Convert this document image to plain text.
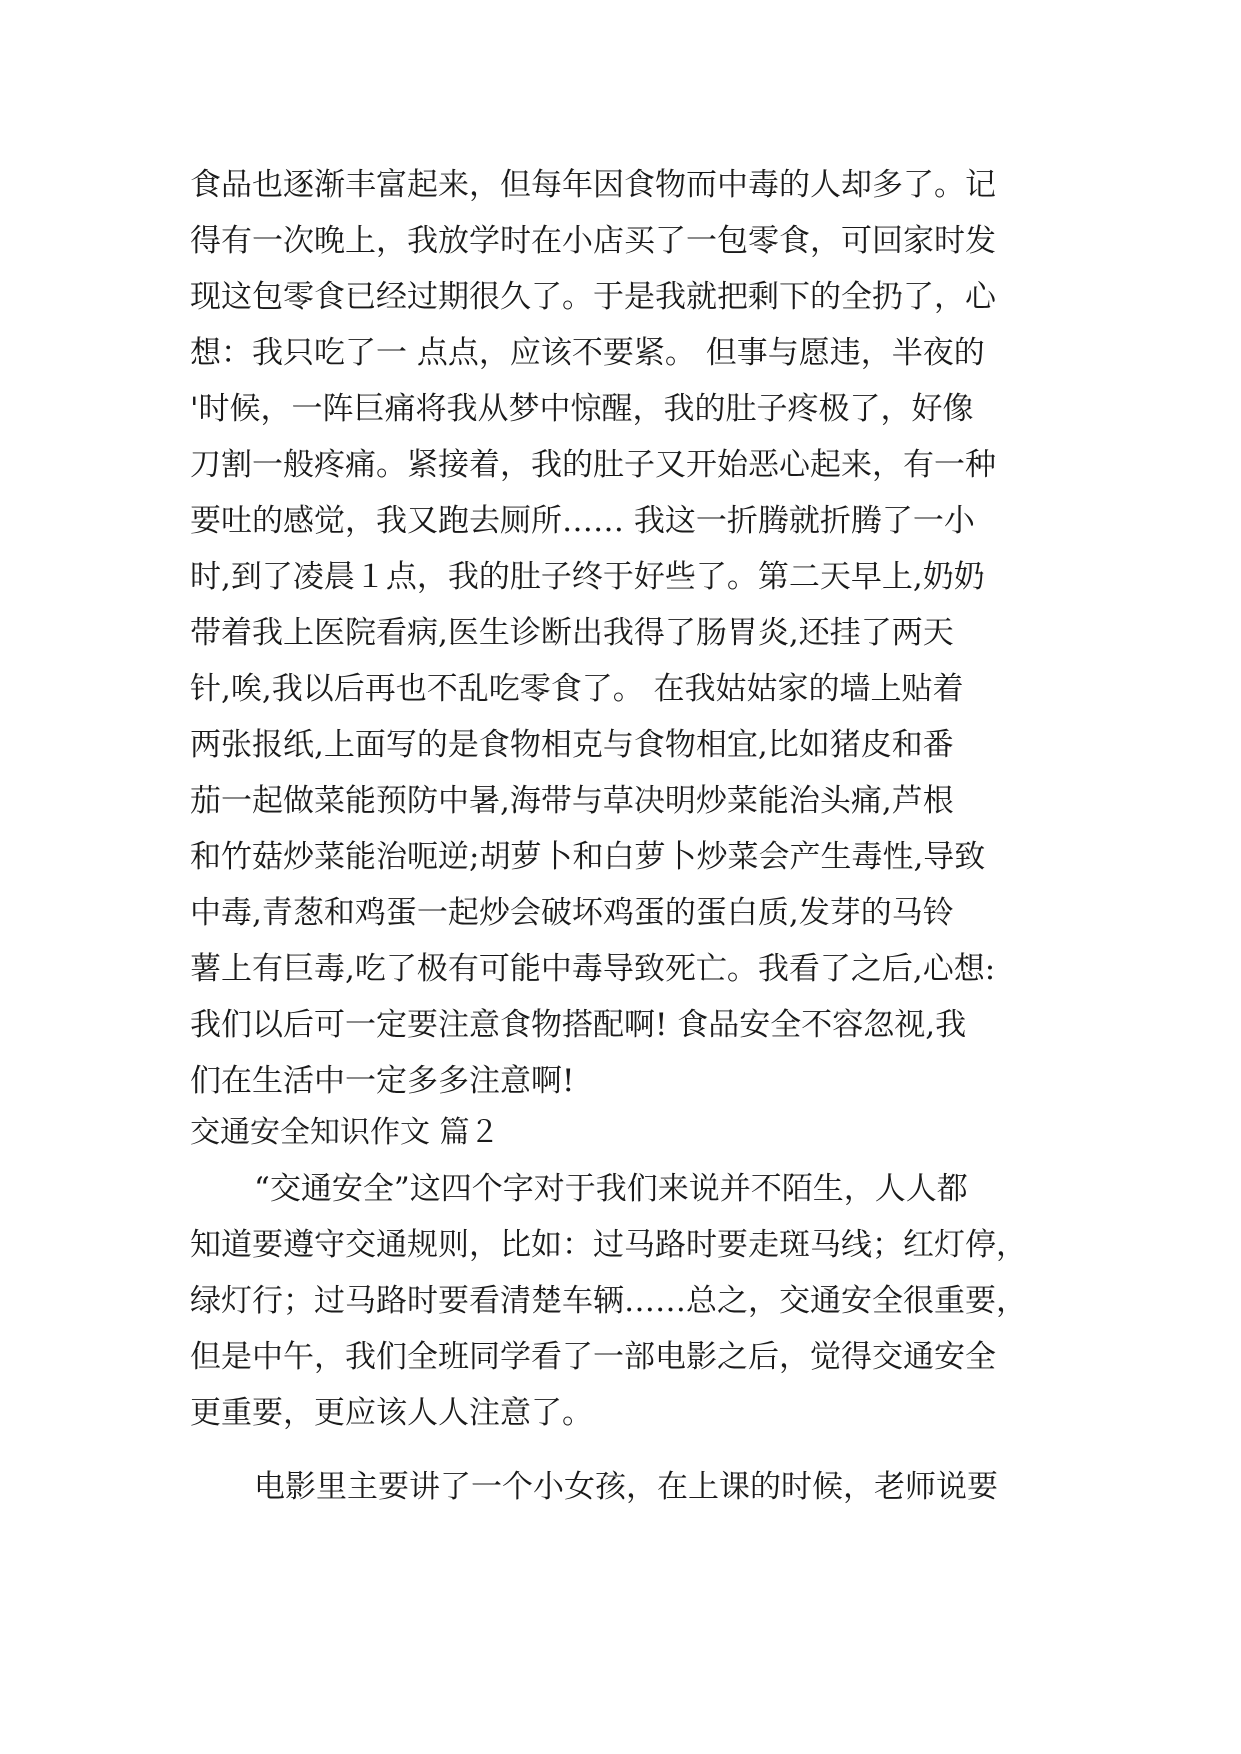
食品也逐渐丰富起来，但每年因食物而中毒的人却多了。记
得有一次晚上，我放学时在小店买了一包零食，可回家时发
现这包零食已经过期很久了。于是我就把剩下的全扔了，心
想：我只吃了一 点点，应该不要紧。 但事与愿违，半夜的
'时候，一阵巨痛将我从梦中惊醒，我的肚子疼极了，好像
刀割一般疼痛。紧接着，我的肚子又开始恶心起来，有一种
要吐的感觉，我又跑去厕所…… 我这一折腾就折腾了一小
时,到了凌晨１点，我的肚子终于好些了。第二天早上,奶奶
带着我上医院看病,医生诊断出我得了肠胃炎,还挂了两天
针,唉,我以后再也不乱吃零食了。 在我姑姑家的墙上贴着
两张报纸,上面写的是食物相克与食物相宜,比如猪皮和番
茄一起做菜能预防中暑,海带与草决明炒菜能治头痛,芦根
和竹菇炒菜能治呃逆;胡萝卜和白萝卜炒菜会产生毒性,导致
中毒,青葱和鸡蛋一起炒会破坏鸡蛋的蛋白质,发芽的马铃
薯上有巨毒,吃了极有可能中毒导致死亡。我看了之后,心想:
我们以后可一定要注意食物搭配啊! 食品安全不容忽视,我
们在生活中一定多多注意啊!
交通安全知识作文 篇２
“交通安全”这四个字对于我们来说并不陌生，人人都
知道要遵守交通规则，比如：过马路时要走斑马线；红灯停，
绿灯行；过马路时要看清楚车辆……总之，交通安全很重要，
但是中午，我们全班同学看了一部电影之后，觉得交通安全
更重要，更应该人人注意了。
电影里主要讲了一个小女孩，在上课的时候，老师说要
